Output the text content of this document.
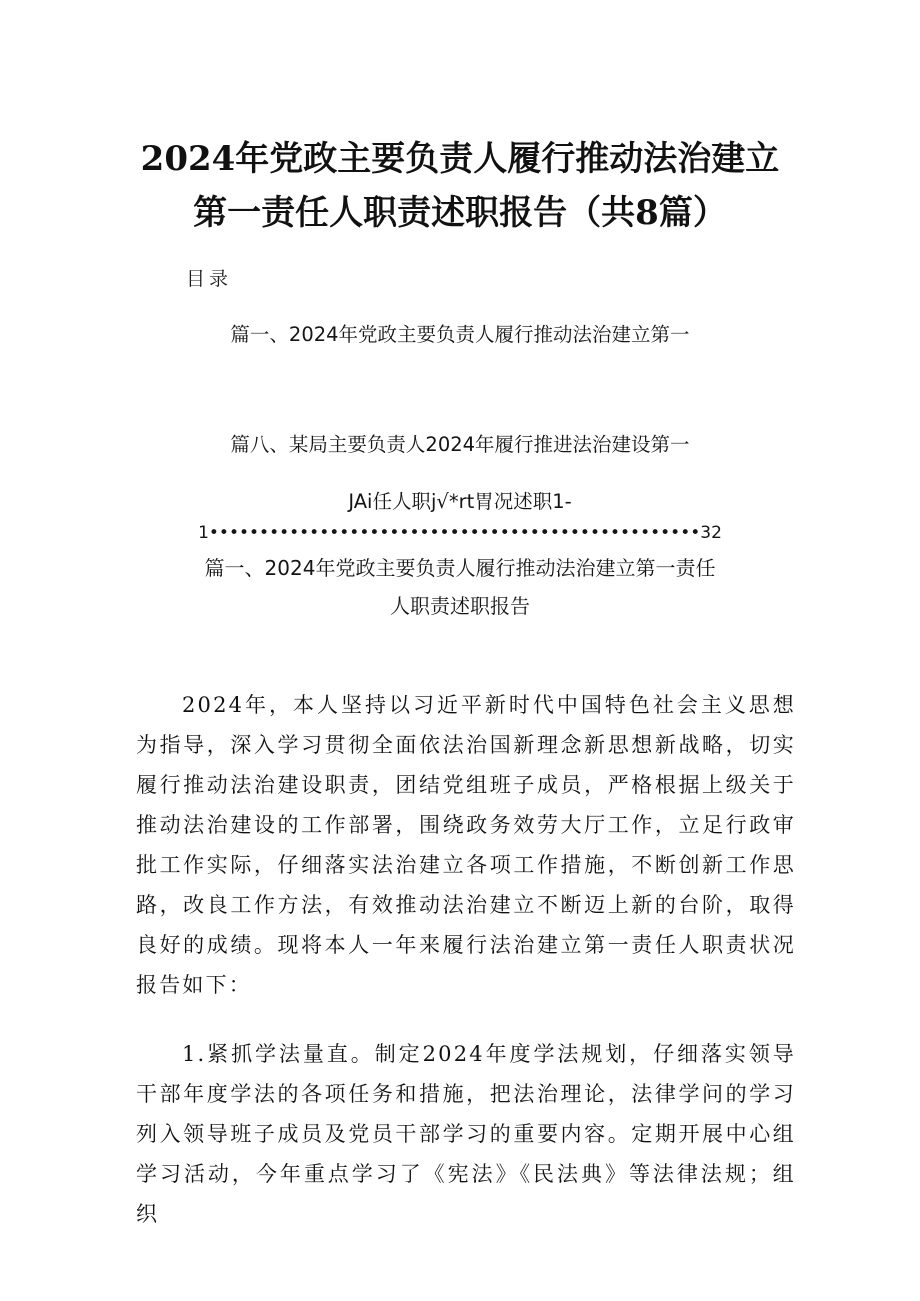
2024年党政主要负责人履行推动法治建立
第一责任人职责述职报告（共8篇）
目录
篇一、2024年党政主要负责人履行推动法治建立第一
篇八、某局主要负责人2024年履行推进法治建设第一
JAi任人职j√*rt胃况述职1-
1•••••••••••••••••••••••••••••••••••••••••••••••••32
篇一、2024年党政主要负责人履行推动法治建立第一责任
人职责述职报告
2024年，本人坚持以习近平新时代中国特色社会主义思想为指导，深入学习贯彻全面依法治国新理念新思想新战略，切实履行推动法治建设职责，团结党组班子成员，严格根据上级关于推动法治建设的工作部署，围绕政务效劳大厅工作，立足行政审批工作实际，仔细落实法治建立各项工作措施，不断创新工作思路，改良工作方法，有效推动法治建立不断迈上新的台阶，取得良好的成绩。现将本人一年来履行法治建立第一责任人职责状况报告如下：
1.紧抓学法量直。制定2024年度学法规划，仔细落实领导干部年度学法的各项任务和措施，把法治理论，法律学问的学习列入领导班子成员及党员干部学习的重要内容。定期开展中心组学习活动，今年重点学习了《宪法》《民法典》等法律法规；组织
